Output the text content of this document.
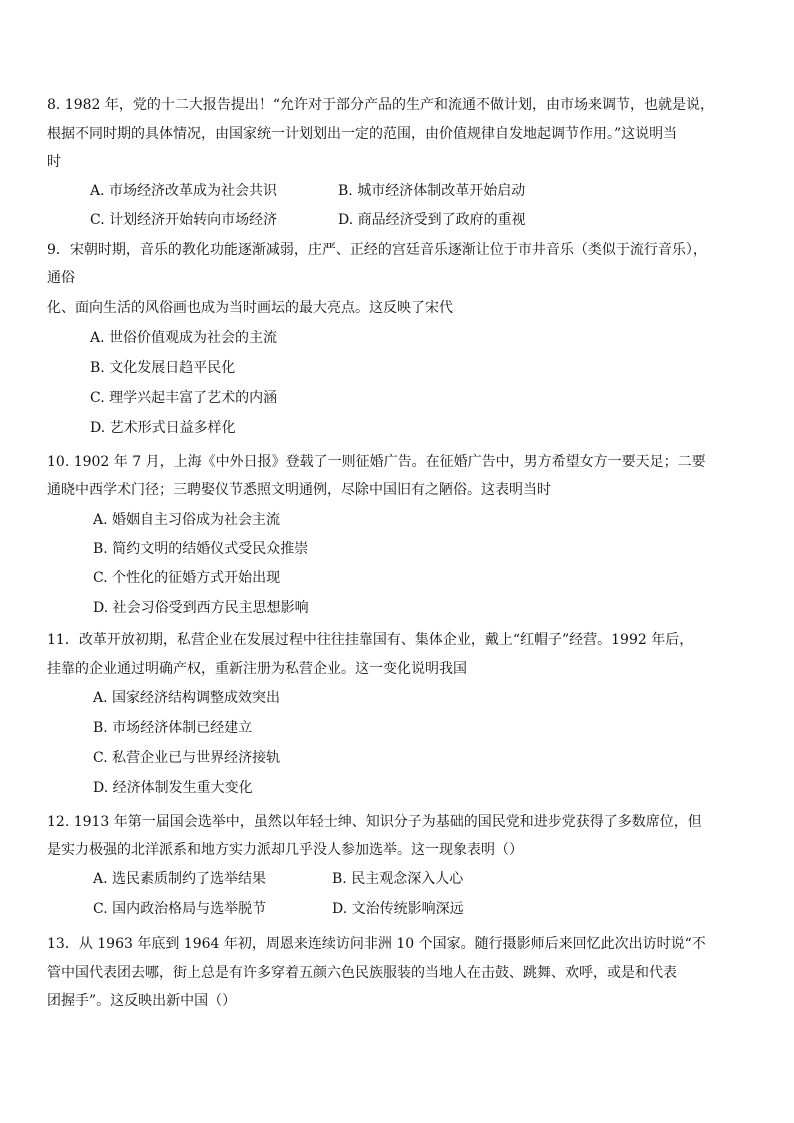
8. 1982 年，党的十二大报告提出！“允许对于部分产品的生产和流通不做计划，由市场来调节，也就是说，
根据不同时期的具体情况，由国家统一计划划出一定的范围，由价值规律自发地起调节作用。”这说明当
时
A. 市场经济改革成为社会共识	B. 城市经济体制改革开始启动
C. 计划经济开始转向市场经济	D. 商品经济受到了政府的重视
9．宋朝时期，音乐的教化功能逐渐减弱，庄严、正经的宫廷音乐逐渐让位于市井音乐（类似于流行音乐），
通俗
化、面向生活的风俗画也成为当时画坛的最大亮点。这反映了宋代
A. 世俗价值观成为社会的主流
B. 文化发展日趋平民化
C. 理学兴起丰富了艺术的内涵
D. 艺术形式日益多样化
10. 1902 年 7 月，上海《中外日报》登载了一则征婚广告。在征婚广告中，男方希望女方一要天足；二要
通晓中西学术门径；三聘娶仪节悉照文明通例，尽除中国旧有之陋俗。这表明当时
A. 婚姻自主习俗成为社会主流
B. 简约文明的结婚仪式受民众推崇
C. 个性化的征婚方式开始出现
D. 社会习俗受到西方民主思想影响
11．改革开放初期，私营企业在发展过程中往往挂靠国有、集体企业，戴上“红帽子”经营。1992 年后，
挂靠的企业通过明确产权，重新注册为私营企业。这一变化说明我国
A. 国家经济结构调整成效突出
B. 市场经济体制已经建立
C. 私营企业已与世界经济接轨
D. 经济体制发生重大变化
12. 1913 年第一届国会选举中，虽然以年轻士绅、知识分子为基础的国民党和进步党获得了多数席位，但
是实力极强的北洋派系和地方实力派却几乎没人参加选举。这一现象表明（）
A. 选民素质制约了选举结果	B. 民主观念深入人心
C. 国内政治格局与选举脱节	D. 文治传统影响深远
13．从 1963 年底到 1964 年初，周恩来连续访问非洲 10 个国家。随行摄影师后来回忆此次出访时说“不
管中国代表团去哪，街上总是有许多穿着五颜六色民族服装的当地人在击鼓、跳舞、欢呼，或是和代表
团握手”。这反映出新中国（）
